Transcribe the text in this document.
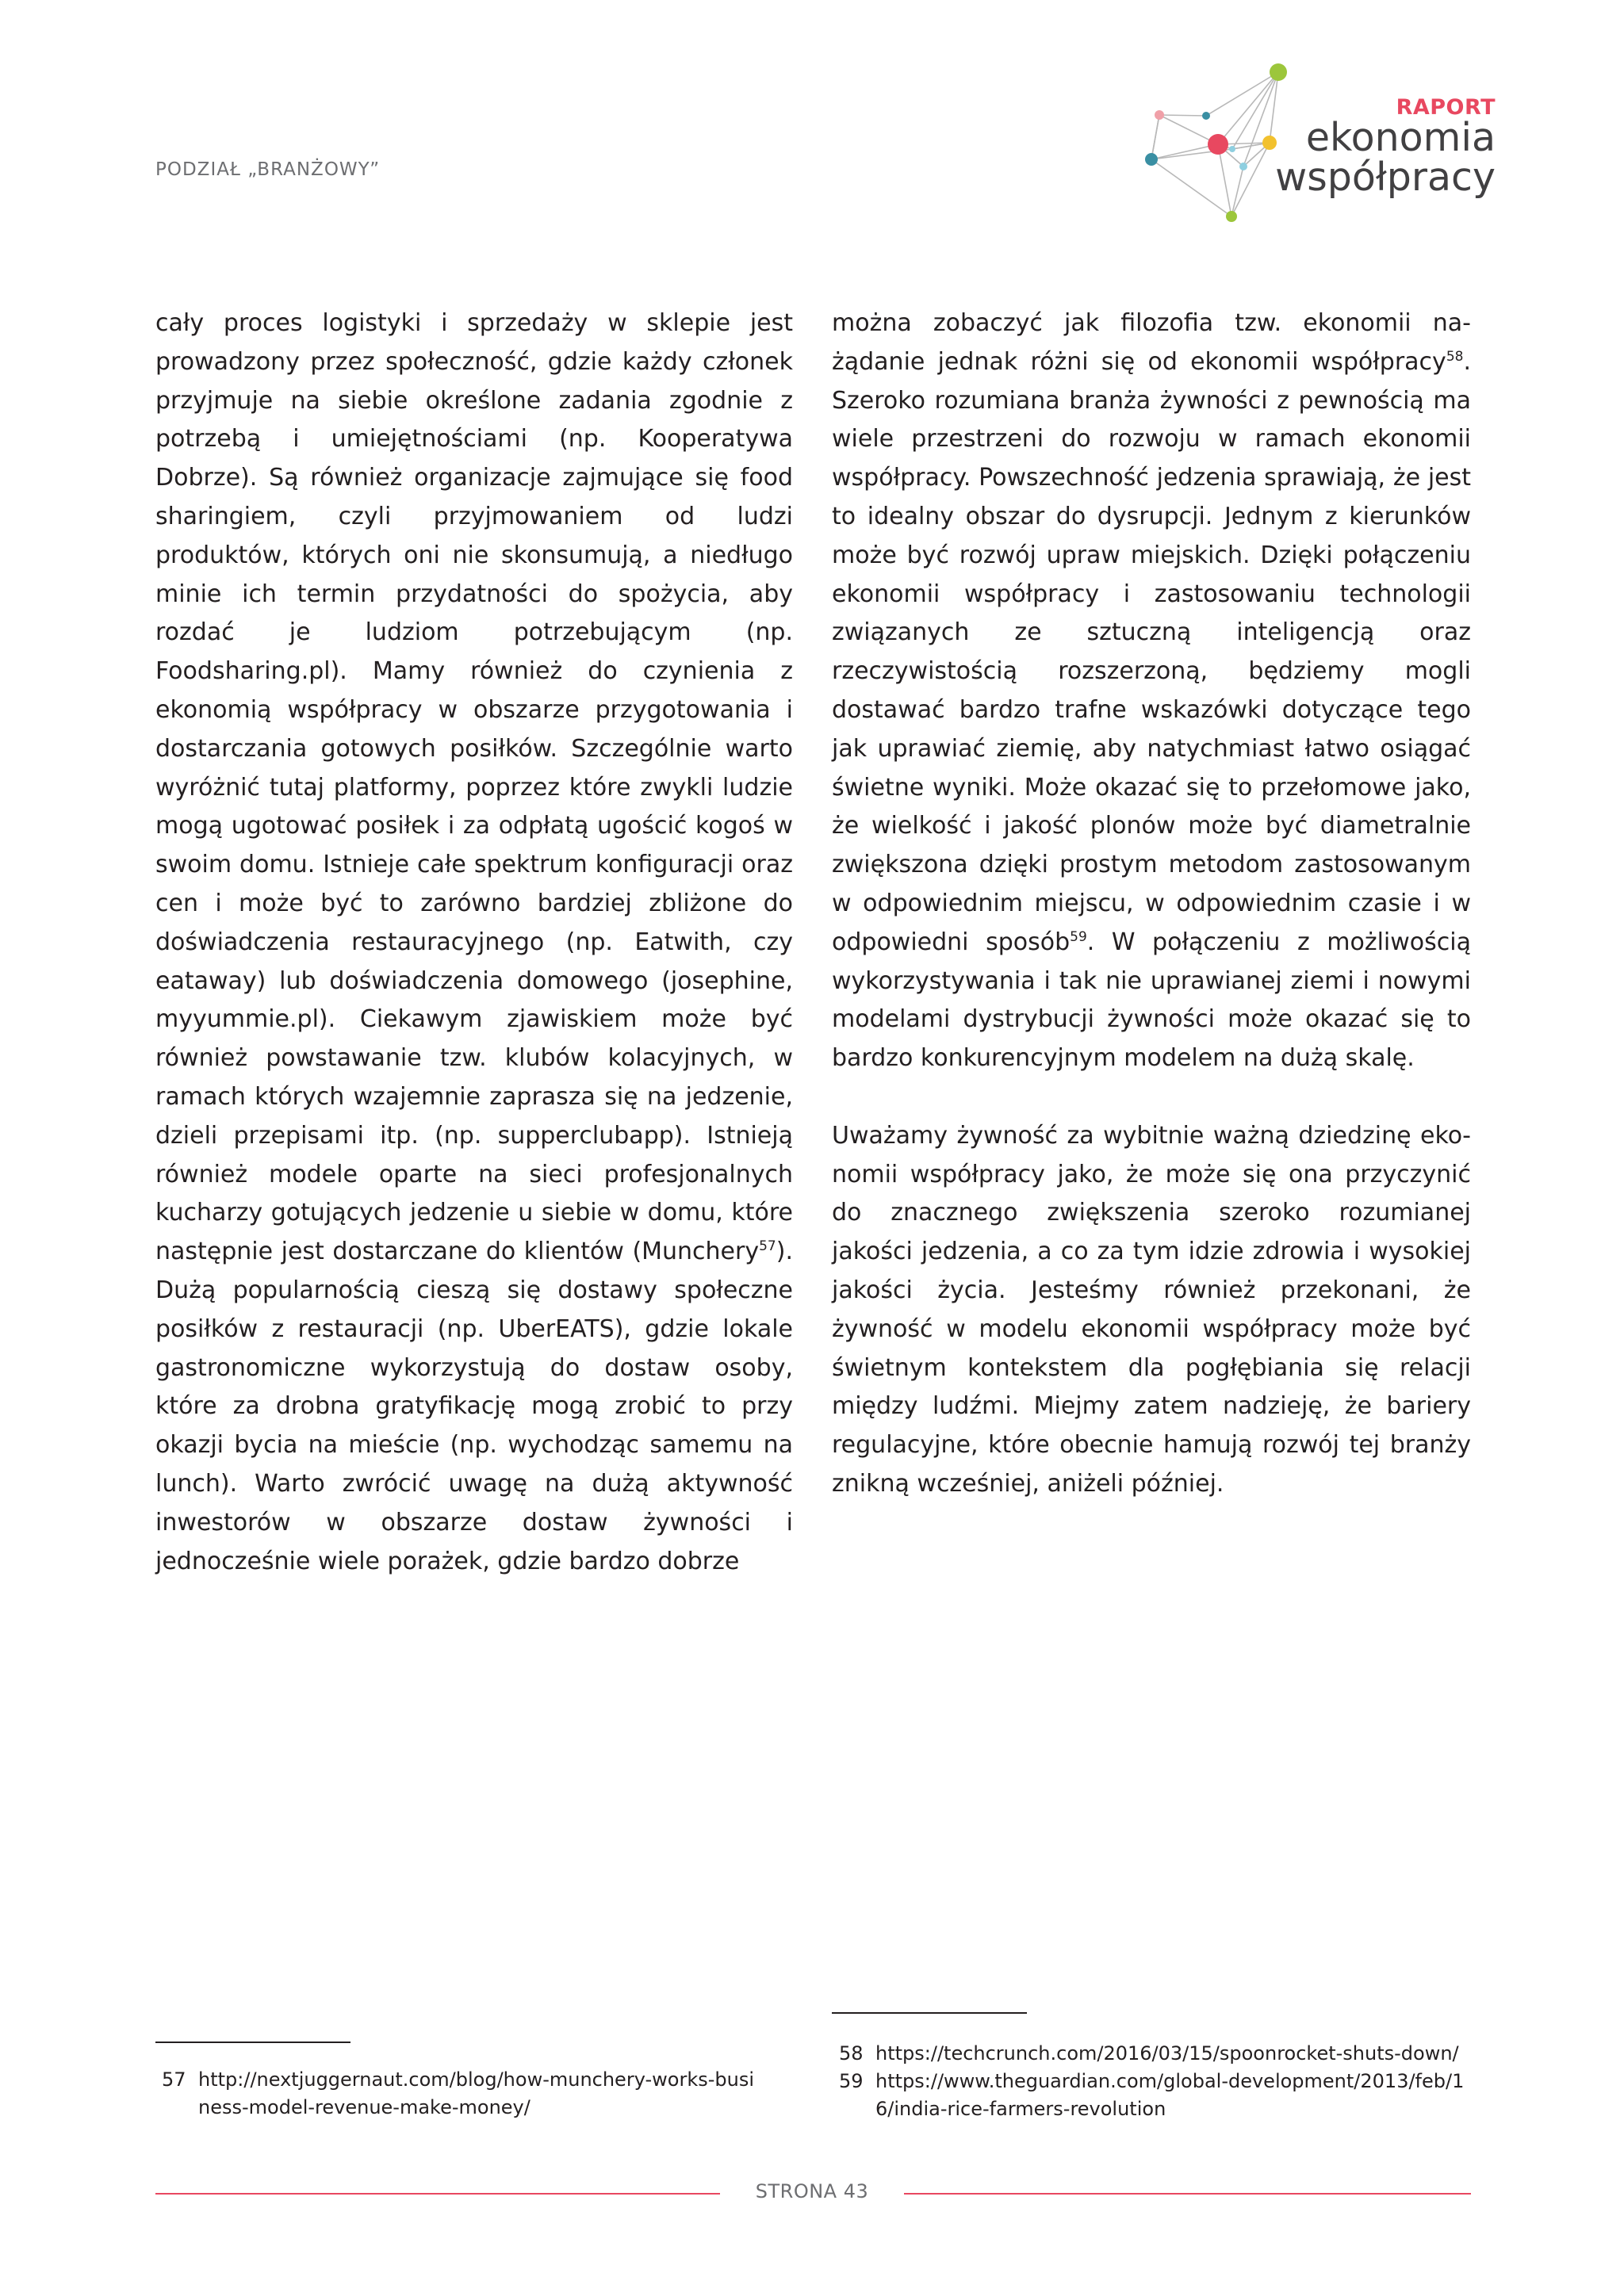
PODZIAŁ „BRANŻOWY”
RAPORT
ekonomia
współpracy

cały proces logistyki i sprzedaży w sklepie jest prowadzony przez społeczność, gdzie każdy członek przyjmuje na siebie określone zadania zgodnie z potrzebą i umiejętnościami (np. Kooperatywa Dobrze). Są również organizacje zajmujące się food sharingiem, czyli przyjmowaniem od ludzi produktów, których oni nie skonsumują, a niedługo minie ich termin przydatności do spożycia, aby rozdać je ludziom potrzebującym (np. Foodsharing.pl). Mamy również do czynienia z ekonomią współpracy w obszarze przygotowania i dostarczania gotowych posiłków. Szczególnie warto wyróżnić tutaj platformy, poprzez które zwykli ludzie mogą ugotować posiłek i za odpłatą ugościć kogoś w swoim domu. Istnieje całe spektrum konfiguracji oraz cen i może być to zarówno bardziej zbliżone do doświadczenia restauracyjnego (np. Eatwith, czy eataway) lub doświadczenia domowego (josephine, myyummie.pl). Ciekawym zjawiskiem może być również powstawanie tzw. klubów kolacyjnych, w ramach których wzajemnie zaprasza się na jedzenie, dzieli przepisami itp. (np. supperclubapp). Istnieją również modele oparte na sieci profesjonalnych kucharzy gotujących jedzenie u siebie w domu, które następnie jest dostarczane do klientów (Munchery$^{57}$). Dużą popularnością cieszą się dostawy społeczne posiłków z restauracji (np. UberEATS), gdzie lokale gastronomiczne wykorzystują do dostaw osoby, które za drobna gratyfikację mogą zrobić to przy okazji bycia na mieście (np. wychodząc samemu na lunch). Warto zwrócić uwagę na dużą aktywność inwestorów w obszarze dostaw żywności i jednocześnie wiele porażek, gdzie bardzo dobrze

można zobaczyć jak filozofia tzw. ekonomii na-żądanie jednak różni się od ekonomii współpracy$^{58}$. Szeroko rozumiana branża żywności z pewnością ma wiele przestrzeni do rozwoju w ramach ekonomii współpracy. Powszechność jedzenia sprawiają, że jest to idealny obszar do dysrupcji. Jednym z kierunków może być rozwój upraw miejskich. Dzięki połączeniu ekonomii współpracy i zastosowaniu technologii związanych ze sztuczną inteligencją oraz rzeczywistością rozszerzoną, będziemy mogli dostawać bardzo trafne wskazówki dotyczące tego jak uprawiać ziemię, aby natychmiast łatwo osiągać świetne wyniki. Może okazać się to przełomowe jako, że wielkość i jakość plonów może być diametralnie zwiększona dzięki prostym metodom zastosowanym w odpowiednim miejscu, w odpowiednim czasie i w odpowiedni sposób$^{59}$. W połączeniu z możliwością wykorzystywania i tak nie uprawianej ziemi i nowymi modelami dystrybucji żywności może okazać się to bardzo konkurencyjnym modelem na dużą skalę.

Uważamy żywność za wybitnie ważną dziedzinę ekonomii współpracy jako, że może się ona przyczynić do znacznego zwiększenia szeroko rozumianej jakości jedzenia, a co za tym idzie zdrowia i wysokiej jakości życia. Jesteśmy również przekonani, że żywność w modelu ekonomii współpracy może być świetnym kontekstem dla pogłębiania się relacji między ludźmi. Miejmy zatem nadzieję, że bariery regulacyjne, które obecnie hamują rozwój tej branży znikną wcześniej, aniżeli później.

57 http://nextjuggernaut.com/blog/how-munchery-works-business-model-revenue-make-money/
58 https://techcrunch.com/2016/03/15/spoonrocket-shuts-down/
59 https://www.theguardian.com/global-development/2013/feb/16/india-rice-farmers-revolution
STRONA 43
